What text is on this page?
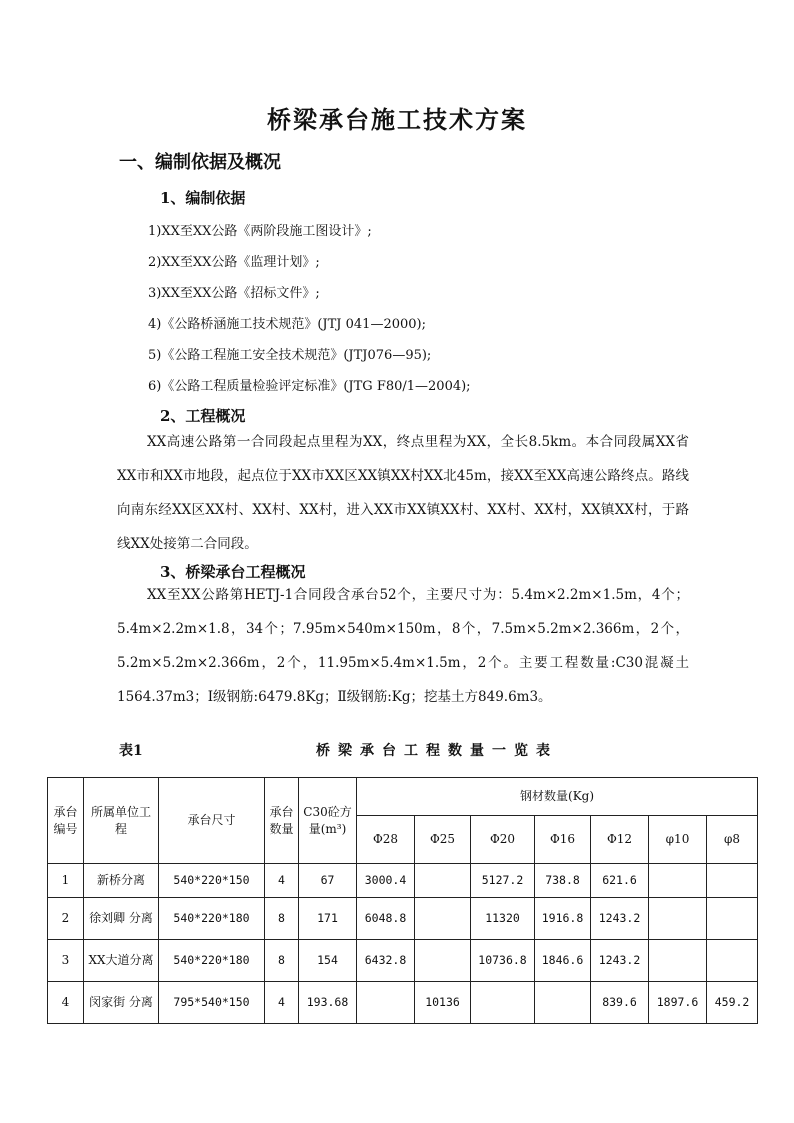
桥梁承台施工技术方案
一、编制依据及概况
1、编制依据
1)XX至XX公路《两阶段施工图设计》;
2)XX至XX公路《监理计划》;
3)XX至XX公路《招标文件》;
4)《公路桥涵施工技术规范》(JTJ 041—2000);
5)《公路工程施工安全技术规范》(JTJ076—95);
6)《公路工程质量检验评定标准》(JTG F80/1—2004);
2、工程概况
XX高速公路第一合同段起点里程为XX，终点里程为XX，全长8.5km。本合同段属XX省XX市和XX市地段，起点位于XX市XX区XX镇XX村XX北45m，接XX至XX高速公路终点。路线向南东经XX区XX村、XX村、XX村，进入XX市XX镇XX村、XX村、XX村，XX镇XX村，于路线XX处接第二合同段。
3、桥梁承台工程概况
XX至XX公路第HETJ-1合同段含承台52个，主要尺寸为：5.4m×2.2m×1.5m，4个；5.4m×2.2m×1.8，34个；7.95m×540m×150m，8个，7.5m×5.2m×2.366m，2个，5.2m×5.2m×2.366m，2个，11.95m×5.4m×1.5m，2个。主要工程数量:C30混凝土1564.37m3；Ⅰ级钢筋:6479.8Kg；Ⅱ级钢筋:Kg；挖基土方849.6m3。
表1	桥梁承台工程数量一览表
承台编号	所属单位工程	承台尺寸	承台数量	C30砼方量(m³)	钢材数量(Kg)						
					Φ28	Φ25	Φ20	Φ16	Φ12	φ10	φ8
1	新桥分离	540*220*150	4	67	3000.4		5127.2	738.8	621.6		
2	徐刘卿 分离	540*220*180	8	171	6048.8		11320	1916.8	1243.2		
3	XX大道分离	540*220*180	8	154	6432.8		10736.8	1846.6	1243.2		
4	闵家街 分离	795*540*150	4	193.68		10136			839.6	1897.6	459.2
